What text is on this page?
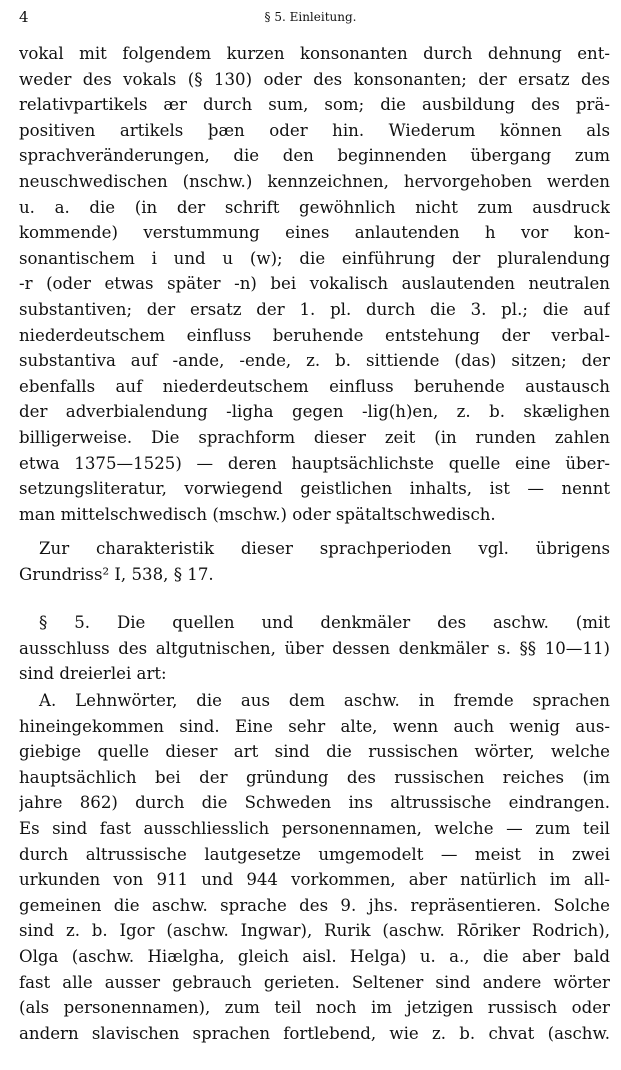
4	§ 5. Einleitung.
vokal mit folgendem kurzen konsonanten durch dehnung ent-
weder des vokals (§ 130) oder des konsonanten; der ersatz des
relativpartikels ær durch sum, som; die ausbildung des prä-
positiven artikels þæn oder hin. Wiederum können als
sprachveränderungen, die den beginnenden übergang zum
neuschwedischen (nschw.) kennzeichnen, hervorgehoben werden
u. a. die (in der schrift gewöhnlich nicht zum ausdruck
kommende) verstummung eines anlautenden h vor kon-
sonantischem i und u (w); die einführung der pluralendung
-r (oder etwas später -n) bei vokalisch auslautenden neutralen
substantiven; der ersatz der 1. pl. durch die 3. pl.; die auf
niederdeutschem einfluss beruhende entstehung der verbal-
substantiva auf -ande, -ende, z. b. sittiende (das) sitzen; der
ebenfalls auf niederdeutschem einfluss beruhende austausch
der adverbialendung -ligha gegen -lig(h)en, z. b. skælighen
billigerweise. Die sprachform dieser zeit (in runden zahlen
etwa 1375—1525) — deren hauptsächlichste quelle eine über-
setzungsliteratur, vorwiegend geistlichen inhalts, ist — nennt
man mittelschwedisch (mschw.) oder spätaltschwedisch.
Zur charakteristik dieser sprachperioden vgl. übrigens
Grundriss² I, 538, § 17.
§ 5. Die quellen und denkmäler des aschw. (mit
ausschluss des altgutnischen, über dessen denkmäler s. §§ 10—11)
sind dreierlei art:
A. Lehnwörter, die aus dem aschw. in fremde sprachen
hineingekommen sind. Eine sehr alte, wenn auch wenig aus-
giebige quelle dieser art sind die russischen wörter, welche
hauptsächlich bei der gründung des russischen reiches (im
jahre 862) durch die Schweden ins altrussische eindrangen.
Es sind fast ausschliesslich personennamen, welche — zum teil
durch altrussische lautgesetze umgemodelt — meist in zwei
urkunden von 911 und 944 vorkommen, aber natürlich im all-
gemeinen die aschw. sprache des 9. jhs. repräsentieren. Solche
sind z. b. Igor (aschw. Ingwar), Rurik (aschw. Rōriker Rodrich),
Olga (aschw. Hiælgha, gleich aisl. Helga) u. a., die aber bald
fast alle ausser gebrauch gerieten. Seltener sind andere wörter
(als personennamen), zum teil noch im jetzigen russisch oder
andern slavischen sprachen fortlebend, wie z. b. chvat (aschw.
